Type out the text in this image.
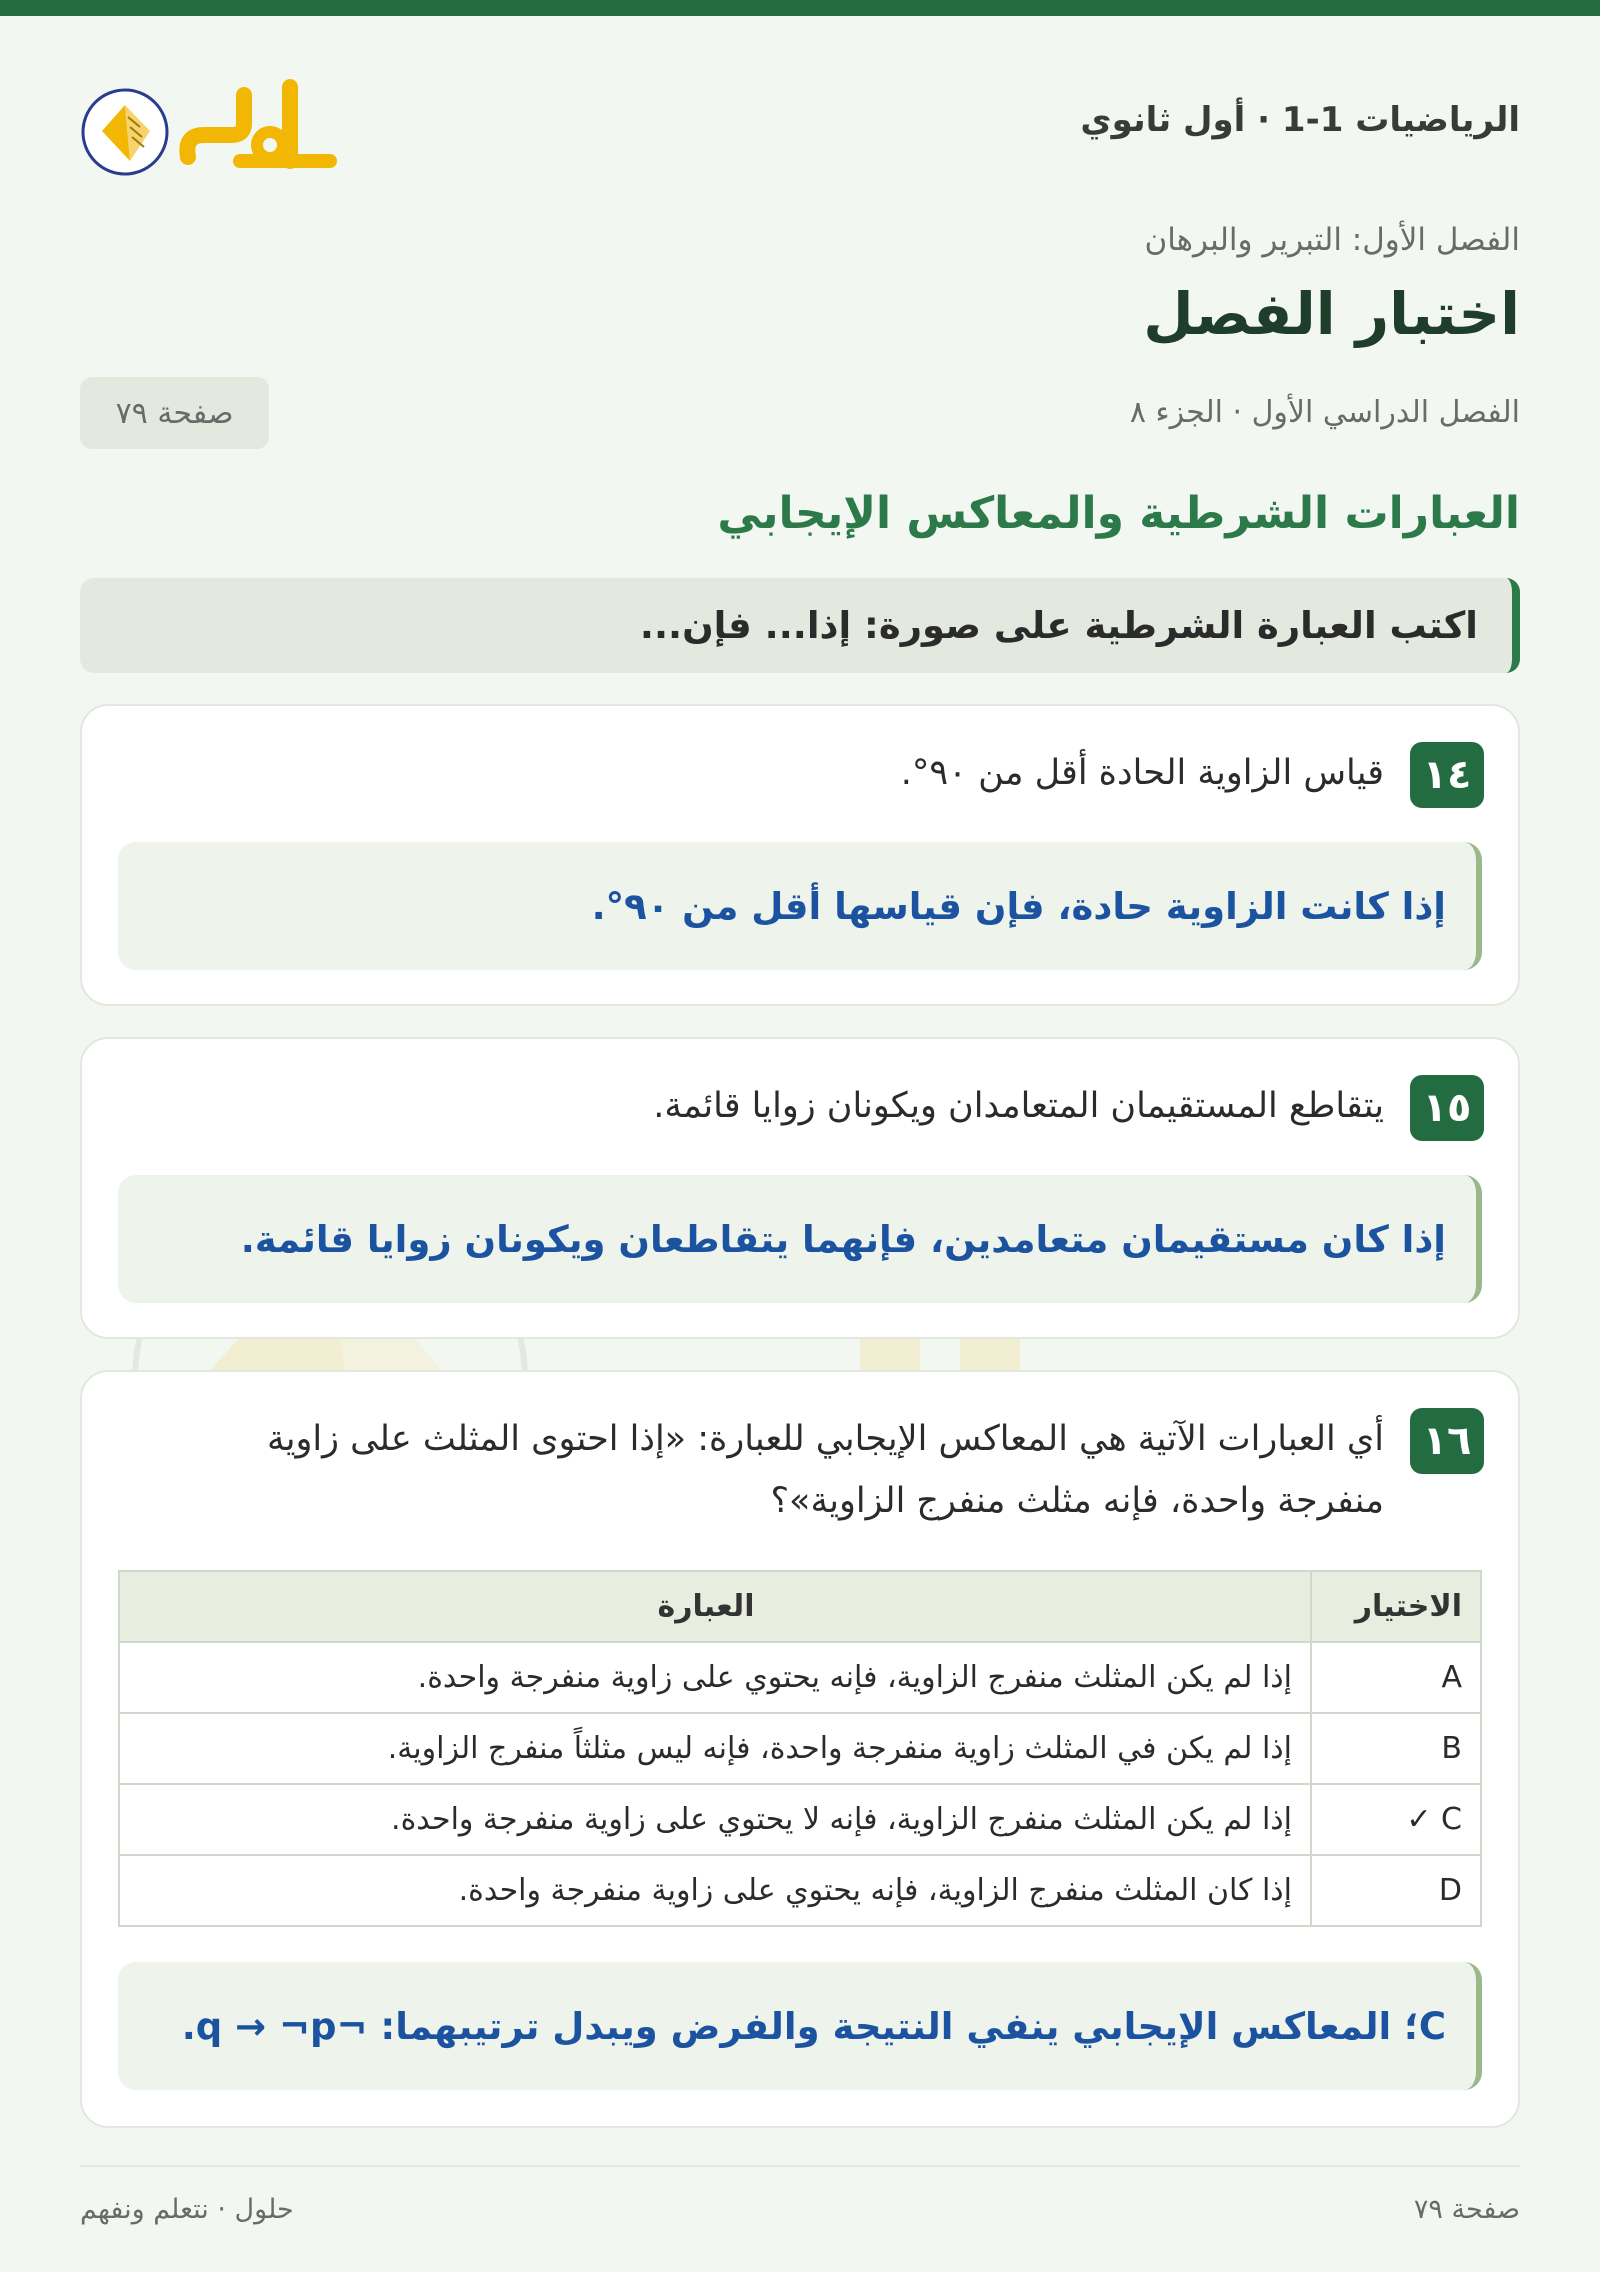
الرياضيات 1-1 · أول ثانوي
الفصل الأول: التبرير والبرهان
اختبار الفصل
الفصل الدراسي الأول · الجزء ٨
صفحة ٧٩
العبارات الشرطية والمعاكس الإيجابي
اكتب العبارة الشرطية على صورة: إذا... فإن...
١٤
قياس الزاوية الحادة أقل من ٩٠°.
إذا كانت الزاوية حادة، فإن قياسها أقل من ٩٠°.
١٥
يتقاطع المستقيمان المتعامدان ويكونان زوايا قائمة.
إذا كان مستقيمان متعامدين، فإنهما يتقاطعان ويكونان زوايا قائمة.
١٦
أي العبارات الآتية هي المعاكس الإيجابي للعبارة: «إذا احتوى المثلث على زاوية منفرجة واحدة، فإنه مثلث منفرج الزاوية»؟
الاختيار	العبارة
A	إذا لم يكن المثلث منفرج الزاوية، فإنه يحتوي على زاوية منفرجة واحدة.
B	إذا لم يكن في المثلث زاوية منفرجة واحدة، فإنه ليس مثلثاً منفرج الزاوية.
C ✓	إذا لم يكن المثلث منفرج الزاوية، فإنه لا يحتوي على زاوية منفرجة واحدة.
D	إذا كان المثلث منفرج الزاوية، فإنه يحتوي على زاوية منفرجة واحدة.
C؛ المعاكس الإيجابي ينفي النتيجة والفرض ويبدل ترتيبهما: ¬q → ¬p.
صفحة ٧٩
حلول · نتعلم ونفهم
